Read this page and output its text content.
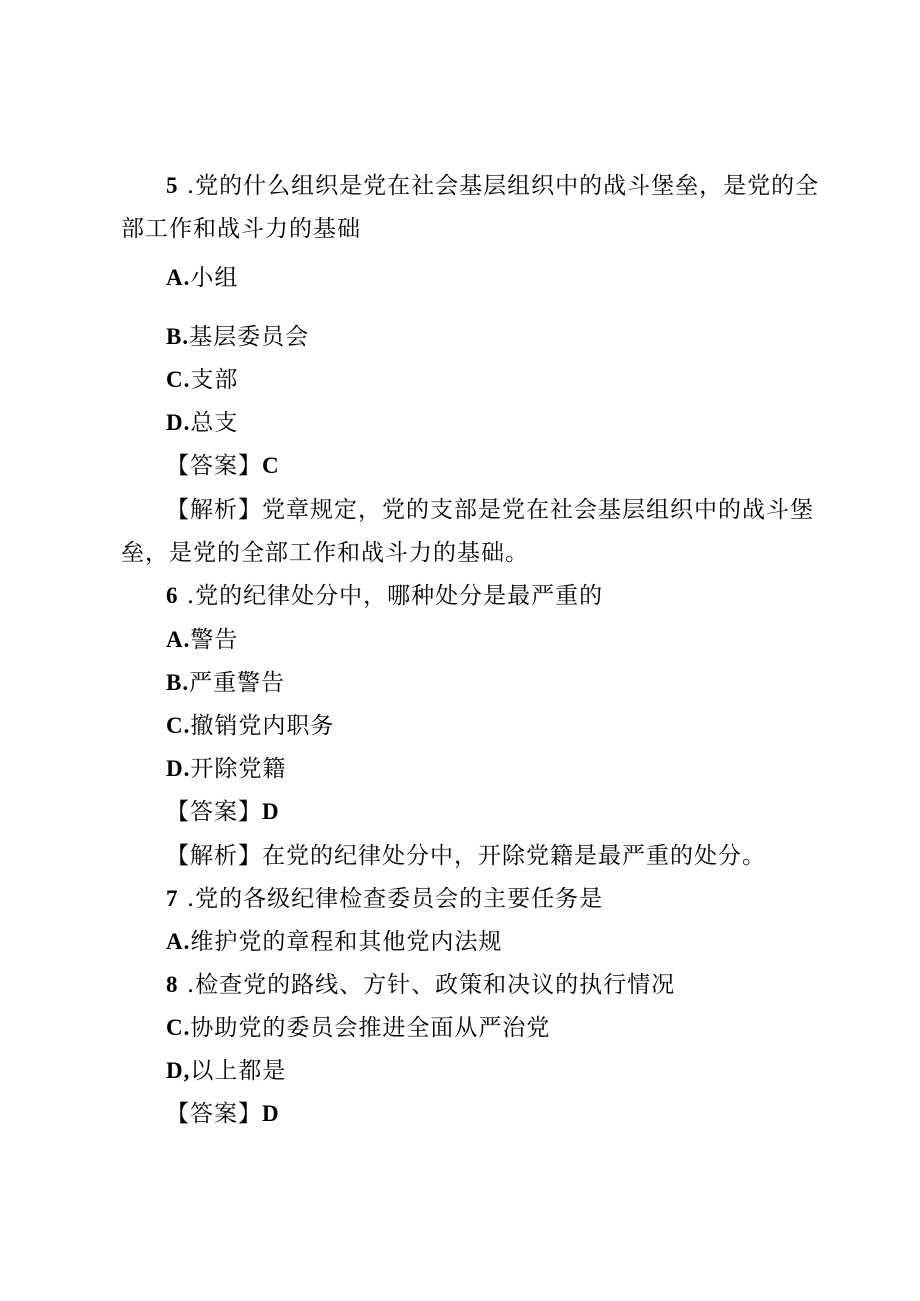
5 .党的什么组织是党在社会基层组织中的战斗堡垒，是党的全
部工作和战斗力的基础
A.小组
B.基层委员会
C.支部
D.总支
【答案】C
【解析】党章规定，党的支部是党在社会基层组织中的战斗堡
垒，是党的全部工作和战斗力的基础。
6 .党的纪律处分中，哪种处分是最严重的
A.警告
B.严重警告
C.撤销党内职务
D.开除党籍
【答案】D
【解析】在党的纪律处分中，开除党籍是最严重的处分。
7 .党的各级纪律检查委员会的主要任务是
A.维护党的章程和其他党内法规
8 .检查党的路线、方针、政策和决议的执行情况
C.协助党的委员会推进全面从严治党
D,以上都是
【答案】D
